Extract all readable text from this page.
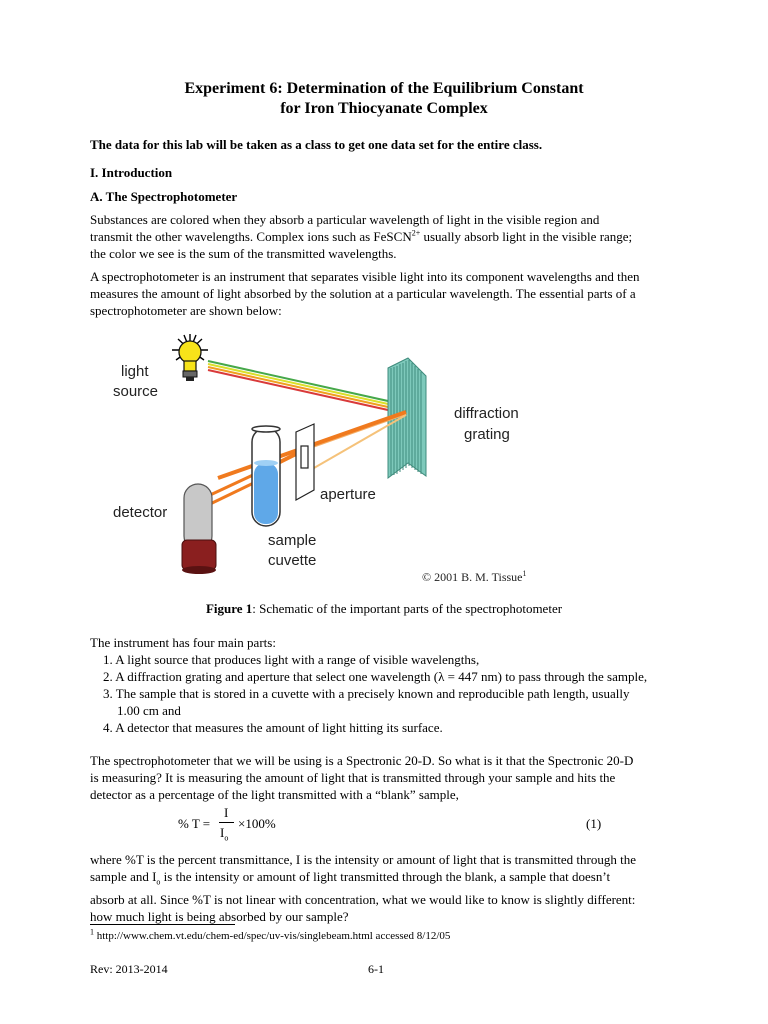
Experiment 6: Determination of the Equilibrium Constant
for Iron Thiocyanate Complex
The data for this lab will be taken as a class to get one data set for the entire class.
I. Introduction
A. The Spectrophotometer
Substances are colored when they absorb a particular wavelength of light in the visible region and
transmit the other wavelengths. Complex ions such as FeSCN$^{2+}$ usually absorb light in the visible range;
the color we see is the sum of the transmitted wavelengths.
A spectrophotometer is an instrument that separates visible light into its component wavelengths and then
measures the amount of light absorbed by the solution at a particular wavelength. The essential parts of a
spectrophotometer are shown below:
light
source
diffraction
grating
aperture
detector
sample
cuvette
© 2001 B. M. Tissue$^1$
Figure 1: Schematic of the important parts of the spectrophotometer
The instrument has four main parts:
1. A light source that produces light with a range of visible wavelengths,
2. A diffraction grating and aperture that select one wavelength (λ = 447 nm) to pass through the sample,
3. The sample that is stored in a cuvette with a precisely known and reproducible path length, usually
1.00 cm and
4. A detector that measures the amount of light hitting its surface.
The spectrophotometer that we will be using is a Spectronic 20-D. So what is it that the Spectronic 20-D
is measuring? It is measuring the amount of light that is transmitted through your sample and hits the
detector as a percentage of the light transmitted with a “blank” sample,
% T =
I
$I_o$
×100%	(1)
where %T is the percent transmittance, I is the intensity or amount of light that is transmitted through the
sample and $I_o$ is the intensity or amount of light transmitted through the blank, a sample that doesn’t
absorb at all. Since %T is not linear with concentration, what we would like to know is slightly different:
how much light is being absorbed by our sample?
$^1$ http://www.chem.vt.edu/chem-ed/spec/uv-vis/singlebeam.html accessed 8/12/05
Rev: 2013-2014	6-1
